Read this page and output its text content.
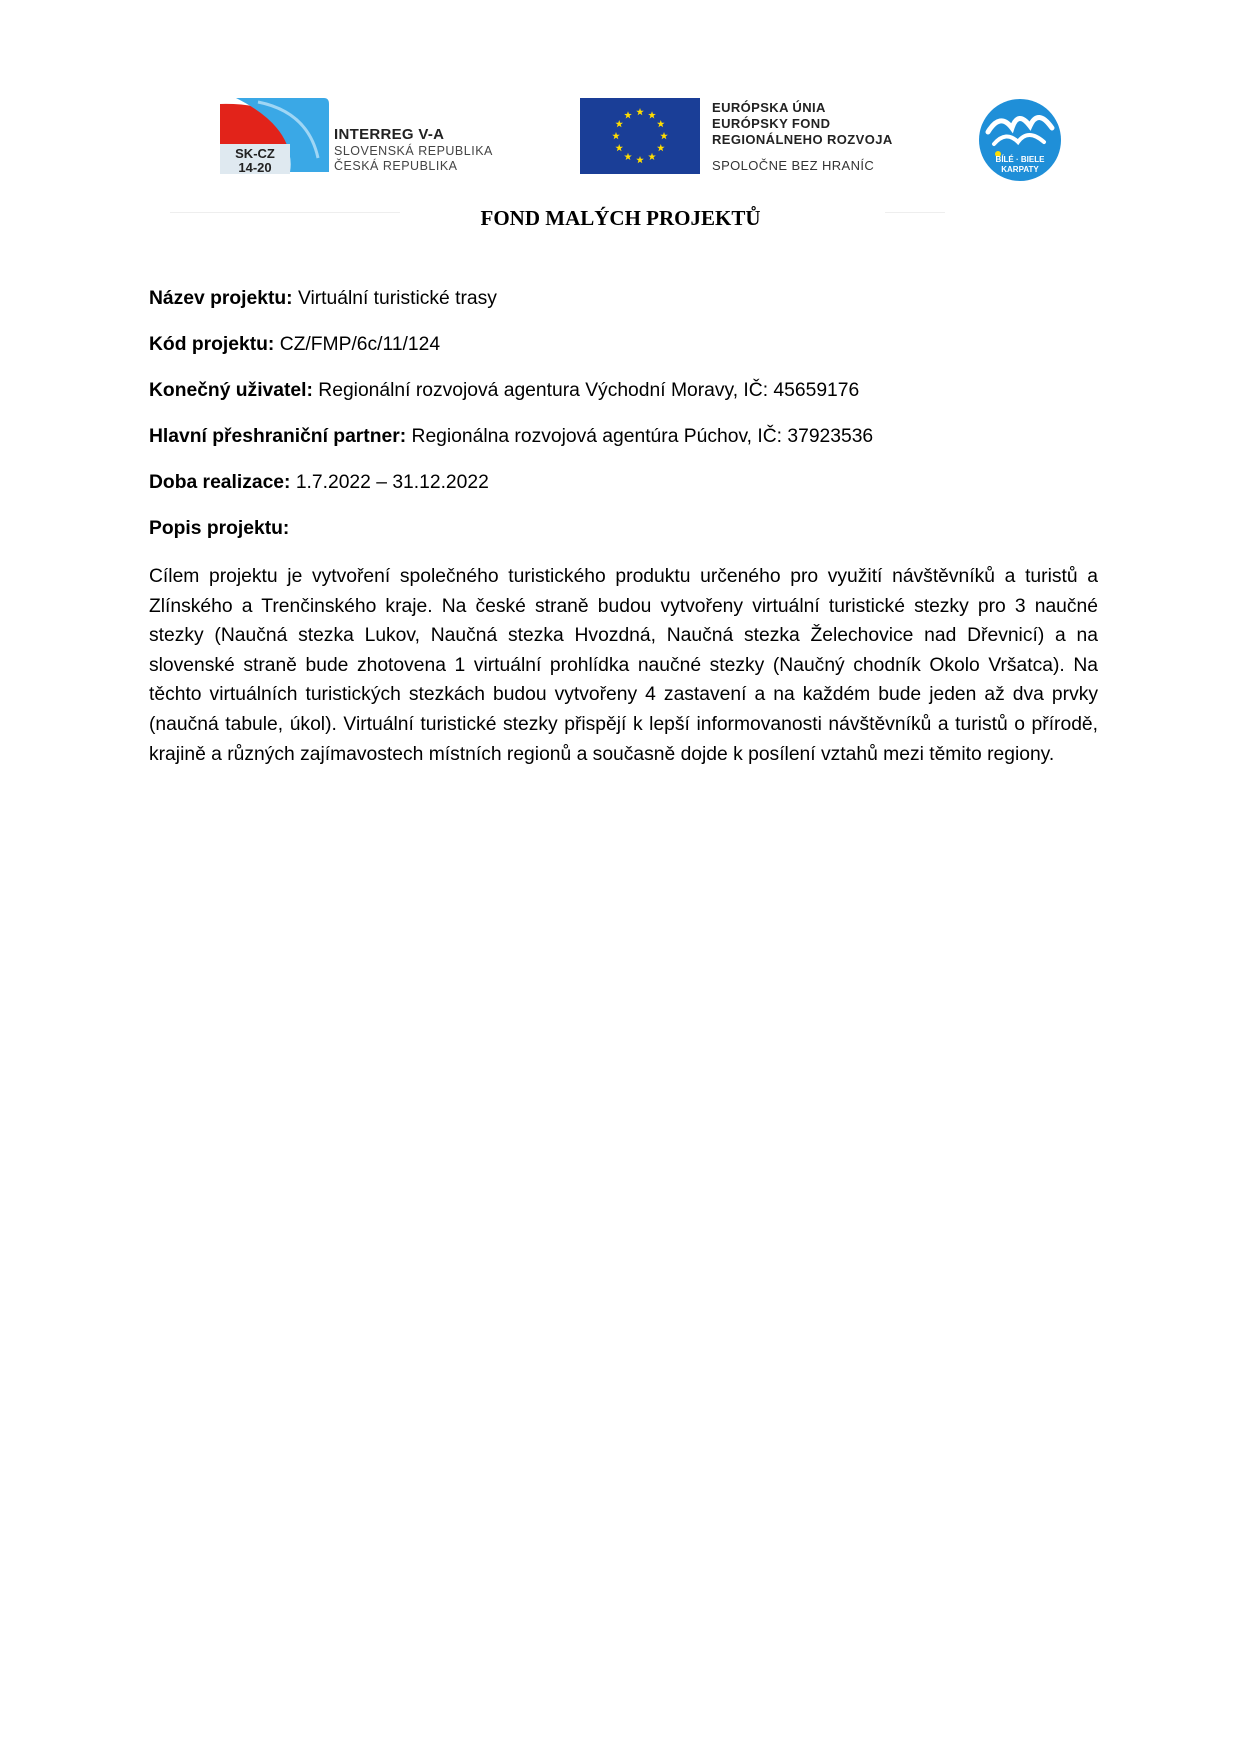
SK-CZ
14-20
INTERREG V-A
SLOVENSKÁ REPUBLIKA
ČESKÁ REPUBLIKA
EURÓPSKA ÚNIA
EURÓPSKY FOND
REGIONÁLNEHO ROZVOJA
SPOLOČNE BEZ HRANÍC	BÍLÉ · BIELE
KARPATY
FOND MALÝCH PROJEKTŮ

Název projektu: Virtuální turistické trasy

Kód projektu: CZ/FMP/6c/11/124

Konečný uživatel: Regionální rozvojová agentura Východní Moravy, IČ: 45659176

Hlavní přeshraniční partner: Regionálna rozvojová agentúra Púchov, IČ: 37923536

Doba realizace: 1.7.2022 – 31.12.2022

Popis projektu:

Cílem projektu je vytvoření společného turistického produktu určeného pro využití návštěvníků a turistů a Zlínského a Trenčinského kraje. Na české straně budou vytvořeny virtuální turistické stezky pro 3 naučné stezky (Naučná stezka Lukov, Naučná stezka Hvozdná, Naučná stezka Želechovice nad Dřevnicí) a na slovenské straně bude zhotovena 1 virtuální prohlídka naučné stezky (Naučný chodník Okolo Vršatca). Na těchto virtuálních turistických stezkách budou vytvořeny 4 zastavení a na každém bude jeden až dva prvky (naučná tabule, úkol). Virtuální turistické stezky přispějí k lepší informovanosti návštěvníků a turistů o přírodě, krajině a různých zajímavostech místních regionů a současně dojde k posílení vztahů mezi těmito regiony.
